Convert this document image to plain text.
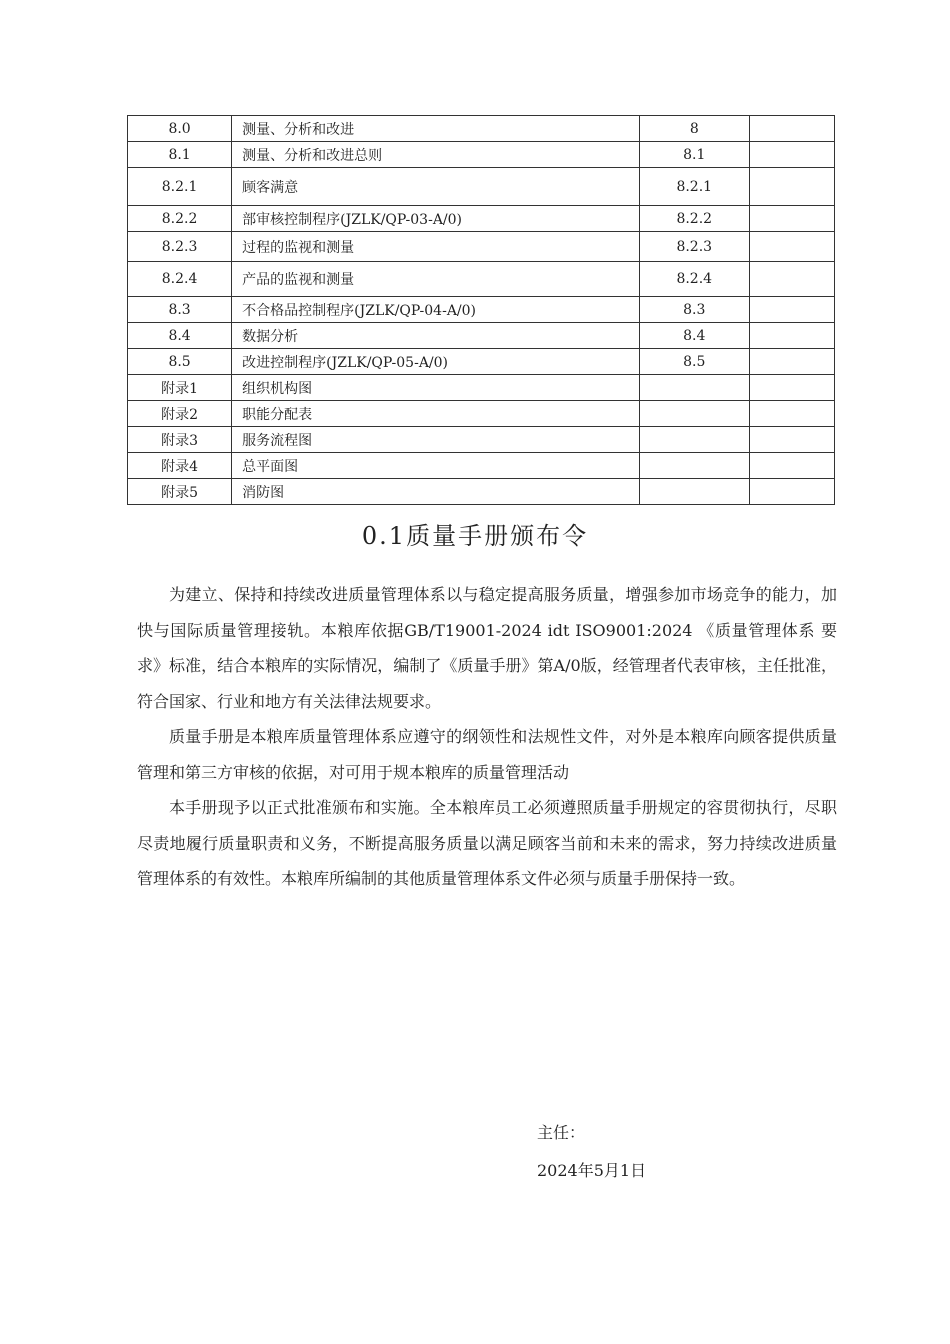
8.0	测量、分析和改进	8	
8.1	测量、分析和改进总则	8.1	
8.2.1	顾客满意	8.2.1	
8.2.2	部审核控制程序(JZLK/QP-03-A/0)	8.2.2	
8.2.3	过程的监视和测量	8.2.3	
8.2.4	产品的监视和测量	8.2.4	
8.3	不合格品控制程序(JZLK/QP-04-A/0)	8.3	
8.4	数据分析	8.4	
8.5	改进控制程序(JZLK/QP-05-A/0)	8.5	
附录1	组织机构图		
附录2	职能分配表		
附录3	服务流程图		
附录4	总平面图		
附录5	消防图		
0.1质量手册颁布令

为建立、保持和持续改进质量管理体系以与稳定提高服务质量，增强参加市场竞争的能力，加快与国际质量管理接轨。本粮库依据GB/T19001-2024 idt ISO9001:2024 《质量管理体系 要求》标准，结合本粮库的实际情况，编制了《质量手册》第A/0版，经管理者代表审核，主任批准，符合国家、行业和地方有关法律法规要求。

质量手册是本粮库质量管理体系应遵守的纲领性和法规性文件，对外是本粮库向顾客提供质量管理和第三方审核的依据，对可用于规本粮库的质量管理活动

本手册现予以正式批准颁布和实施。全本粮库员工必须遵照质量手册规定的容贯彻执行，尽职尽责地履行质量职责和义务，不断提高服务质量以满足顾客当前和未来的需求，努力持续改进质量管理体系的有效性。本粮库所编制的其他质量管理体系文件必须与质量手册保持一致。

主任：
2024年5月1日
